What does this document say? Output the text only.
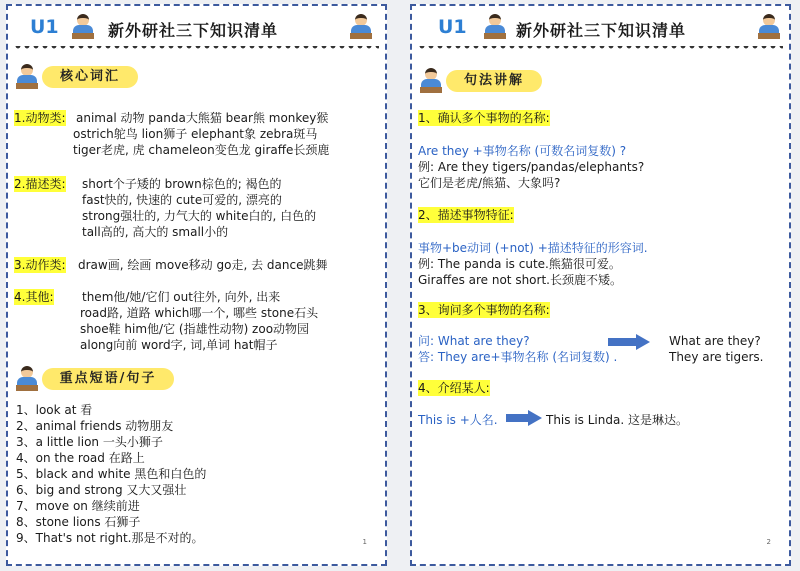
U1	新外研社三下知识清单
核心词汇
1.动物类: animal 动物 panda大熊猫 bear熊 monkey猴
ostrich鸵鸟 lion狮子 elephant象 zebra斑马
tiger老虎, 虎 chameleon变色龙 giraffe长颈鹿
2.描述类: short个子矮的 brown棕色的; 褐色的
fast快的, 快速的 cute可爱的, 漂亮的
strong强壮的, 力气大的 white白的, 白色的
tall高的, 高大的 small小的
3.动作类: draw画, 绘画 move移动 go走, 去 dance跳舞
4.其他: them他/她/它们 out往外, 向外, 出来
road路, 道路 which哪一个, 哪些 stone石头
shoe鞋 him他/它 (指雄性动物) zoo动物园
along向前 word字, 词,单词 hat帽子
重点短语/句子
1、look at 看
2、animal friends 动物朋友
3、a little lion 一头小狮子
4、on the road 在路上
5、black and white 黑色和白色的
6、big and strong 又大又强壮
7、move on 继续前进
8、stone lions 石狮子
9、That's not right.那是不对的。	1
U1	新外研社三下知识清单
句法讲解
1、确认多个事物的名称:
Are they +事物名称 (可数名词复数) ?
例: Are they tigers/pandas/elephants?
它们是老虎/熊猫、大象吗?
2、描述事物特征:
事物+be动词 (+not) +描述特征的形容词.
例: The panda is cute.熊猫很可爱。
Giraffes are not short.长颈鹿不矮。
3、询问多个事物的名称:
问: What are they?
答: They are+事物名称 (名词复数) .
What are they?
They are tigers.
4、介绍某人:
This is +人名.	This is Linda. 这是琳达。
2
